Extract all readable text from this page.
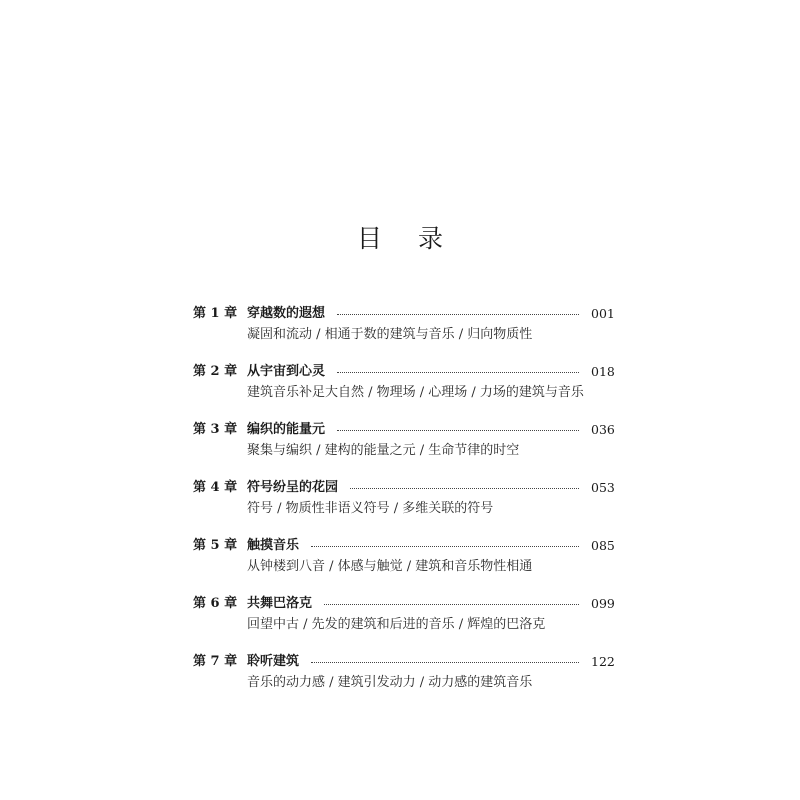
目 录
第 1 章 穿越数的遐想	001
凝固和流动 / 相通于数的建筑与音乐 / 归向物质性
第 2 章 从宇宙到心灵	018
建筑音乐补足大自然 / 物理场 / 心理场 / 力场的建筑与音乐
第 3 章 编织的能量元	036
聚集与编织 / 建构的能量之元 / 生命节律的时空
第 4 章 符号纷呈的花园	053
符号 / 物质性非语义符号 / 多维关联的符号
第 5 章 触摸音乐	085
从钟楼到八音 / 体感与触觉 / 建筑和音乐物性相通
第 6 章 共舞巴洛克	099
回望中古 / 先发的建筑和后进的音乐 / 辉煌的巴洛克
第 7 章 聆听建筑	122
音乐的动力感 / 建筑引发动力 / 动力感的建筑音乐
